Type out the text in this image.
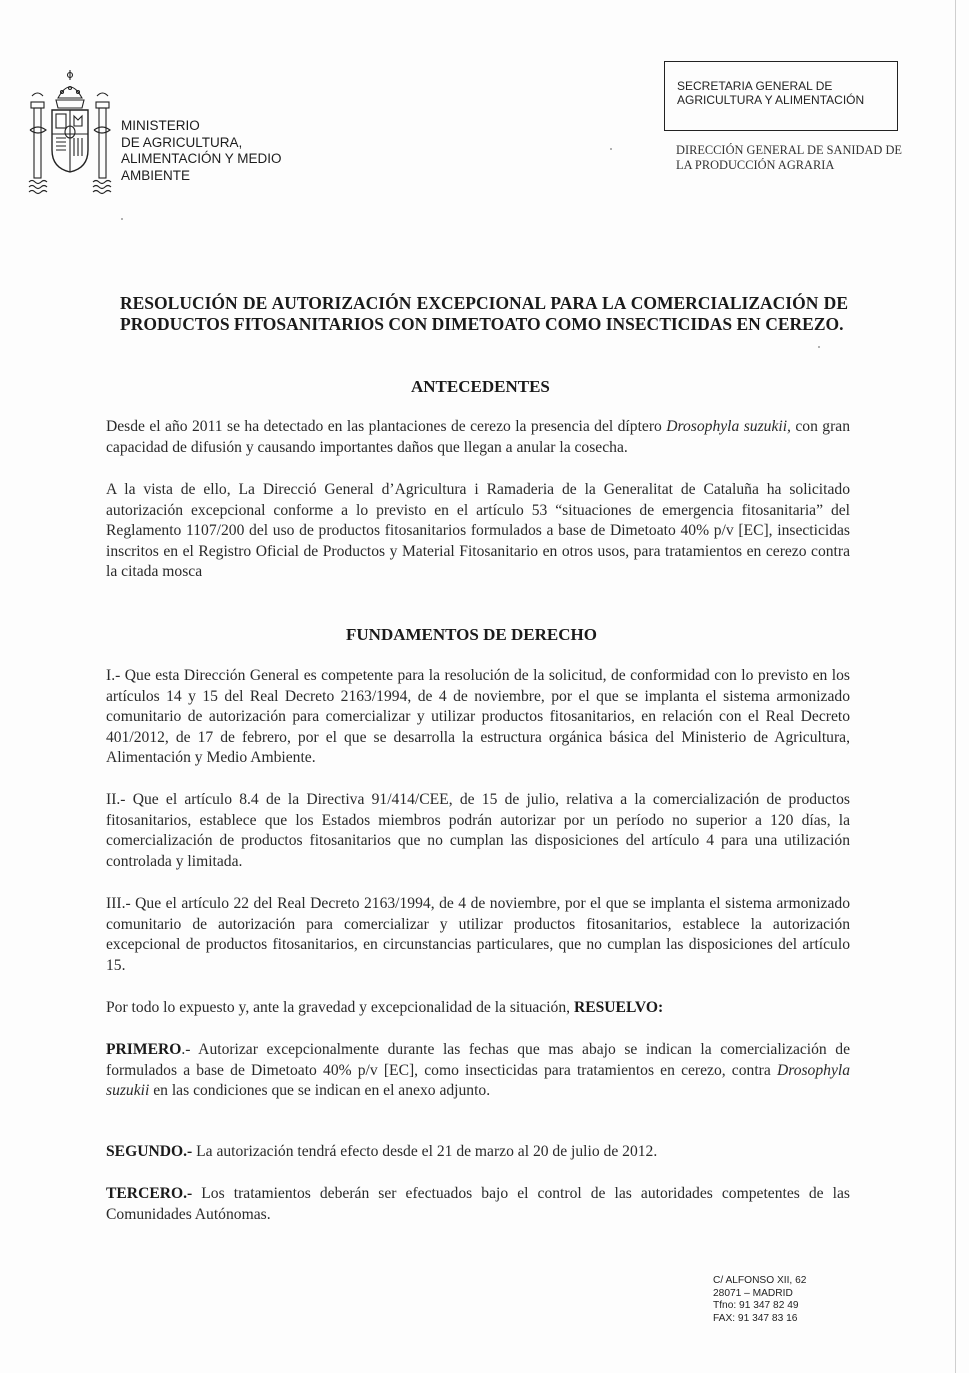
MINISTERIO
DE AGRICULTURA,
ALIMENTACIÓN Y MEDIO
AMBIENTE
SECRETARIA GENERAL DE
AGRICULTURA Y ALIMENTACIÓN
DIRECCIÓN GENERAL DE SANIDAD DE
LA PRODUCCIÓN AGRARIA
RESOLUCIÓN DE AUTORIZACIÓN EXCEPCIONAL PARA LA COMERCIALIZACIÓN DE PRODUCTOS FITOSANITARIOS CON DIMETOATO COMO INSECTICIDAS EN CEREZO.
ANTECEDENTES
Desde el año 2011 se ha detectado en las plantaciones de cerezo la presencia del díptero Drosophyla suzukii, con gran capacidad de difusión y causando importantes daños que llegan a anular la cosecha.
A la vista de ello, La Direcció General d’Agricultura i Ramaderia de la Generalitat de Cataluña ha solicitado autorización excepcional conforme a lo previsto en el artículo 53 “situaciones de emergencia fitosanitaria” del Reglamento 1107/200 del uso de productos fitosanitarios formulados a base de Dimetoato 40% p/v [EC], insecticidas inscritos en el Registro Oficial de Productos y Material Fitosanitario en otros usos, para tratamientos en cerezo contra la citada mosca
FUNDAMENTOS DE DERECHO
I.- Que esta Dirección General es competente para la resolución de la solicitud, de conformidad con lo previsto en los artículos 14 y 15 del Real Decreto 2163/1994, de 4 de noviembre, por el que se implanta el sistema armonizado comunitario de autorización para comercializar y utilizar productos fitosanitarios, en relación con el Real Decreto 401/2012, de 17 de febrero, por el que se desarrolla la estructura orgánica básica del Ministerio de Agricultura, Alimentación y Medio Ambiente.
II.- Que el artículo 8.4 de la Directiva 91/414/CEE, de 15 de julio, relativa a la comercialización de productos fitosanitarios, establece que los Estados miembros podrán autorizar por un período no superior a 120 días, la comercialización de productos fitosanitarios que no cumplan las disposiciones del artículo 4 para una utilización controlada y limitada.
III.- Que el artículo 22 del Real Decreto 2163/1994, de 4 de noviembre, por el que se implanta el sistema armonizado comunitario de autorización para comercializar y utilizar productos fitosanitarios, establece la autorización excepcional de productos fitosanitarios, en circunstancias particulares, que no cumplan las disposiciones del artículo 15.
Por todo lo expuesto y, ante la gravedad y excepcionalidad de la situación, RESUELVO:
PRIMERO.- Autorizar excepcionalmente durante las fechas que mas abajo se indican la comercialización de formulados a base de Dimetoato 40% p/v [EC], como insecticidas para tratamientos en cerezo, contra Drosophyla suzukii en las condiciones que se indican en el anexo adjunto.
SEGUNDO.- La autorización tendrá efecto desde el 21 de marzo al 20 de julio de 2012.
TERCERO.- Los tratamientos deberán ser efectuados bajo el control de las autoridades competentes de las Comunidades Autónomas.
C/ ALFONSO XII, 62
28071 – MADRID
Tfno: 91 347 82 49
FAX: 91 347 83 16
